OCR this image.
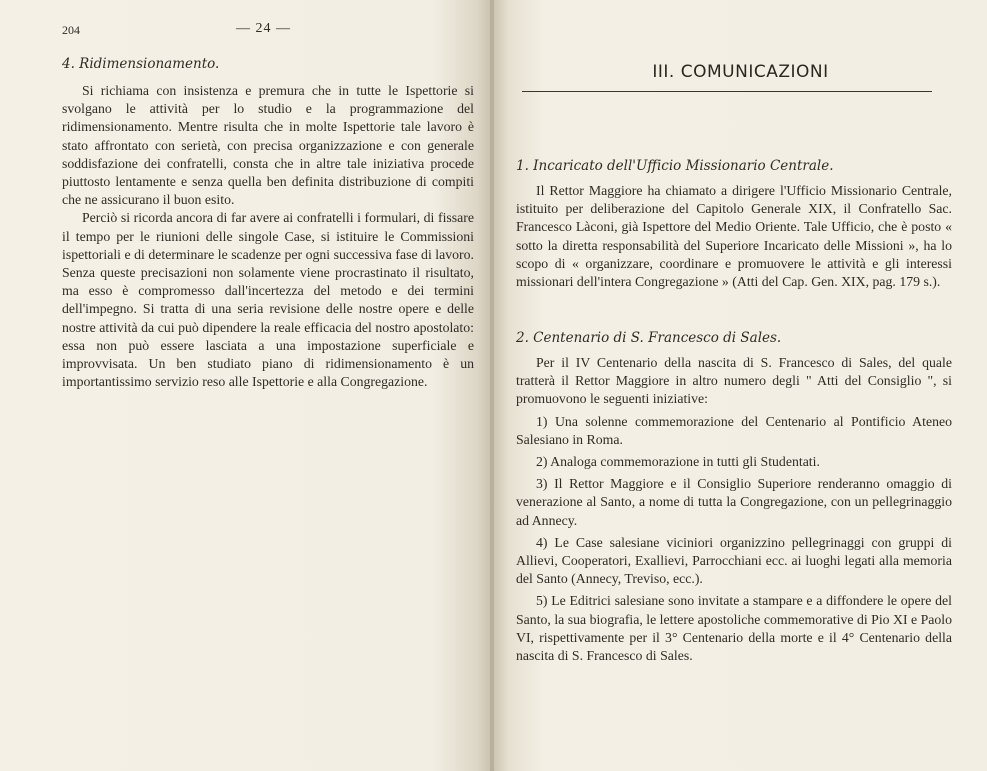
204	— 24 —
4. Ridimensionamento.

Si richiama con insistenza e premura che in tutte le Ispettorie si svolgano le attività per lo studio e la programmazione del ridimensionamento. Mentre risulta che in molte Ispettorie tale lavoro è stato affrontato con serietà, con precisa organizzazione e con generale soddisfazione dei confratelli, consta che in altre tale iniziativa procede piuttosto lentamente e senza quella ben definita distribuzione di compiti che ne assicurano il buon esito.

Perciò si ricorda ancora di far avere ai confratelli i formulari, di fissare il tempo per le riunioni delle singole Case, si istituire le Commissioni ispettoriali e di determinare le scadenze per ogni successiva fase di lavoro. Senza queste precisazioni non solamente viene procrastinato il risultato, ma esso è compromesso dall'incertezza del metodo e dei termini dell'impegno. Si tratta di una seria revisione delle nostre opere e delle nostre attività da cui può dipendere la reale efficacia del nostro apostolato: essa non può essere lasciata a una impostazione superficiale e improvvisata. Un ben studiato piano di ridimensionamento è un importantissimo servizio reso alle Ispettorie e alla Congregazione.

III. COMUNICAZIONI
1. Incaricato dell'Ufficio Missionario Centrale.

Il Rettor Maggiore ha chiamato a dirigere l'Ufficio Missionario Centrale, istituito per deliberazione del Capitolo Generale XIX, il Confratello Sac. Francesco Làconi, già Ispettore del Medio Oriente. Tale Ufficio, che è posto « sotto la diretta responsabilità del Superiore Incaricato delle Missioni », ha lo scopo di « organizzare, coordinare e promuovere le attività e gli interessi missionari dell'intera Congregazione » (Atti del Cap. Gen. XIX, pag. 179 s.).

2. Centenario di S. Francesco di Sales.

Per il IV Centenario della nascita di S. Francesco di Sales, del quale tratterà il Rettor Maggiore in altro numero degli " Atti del Consiglio ", si promuovono le seguenti iniziative:

1) Una solenne commemorazione del Centenario al Pontificio Ateneo Salesiano in Roma.

2) Analoga commemorazione in tutti gli Studentati.

3) Il Rettor Maggiore e il Consiglio Superiore renderanno omaggio di venerazione al Santo, a nome di tutta la Congregazione, con un pellegrinaggio ad Annecy.

4) Le Case salesiane viciniori organizzino pellegrinaggi con gruppi di Allievi, Cooperatori, Exallievi, Parrocchiani ecc. ai luoghi legati alla memoria del Santo (Annecy, Treviso, ecc.).

5) Le Editrici salesiane sono invitate a stampare e a diffondere le opere del Santo, la sua biografia, le lettere apostoliche commemorative di Pio XI e Paolo VI, rispettivamente per il 3° Centenario della morte e il 4° Centenario della nascita di S. Francesco di Sales.
